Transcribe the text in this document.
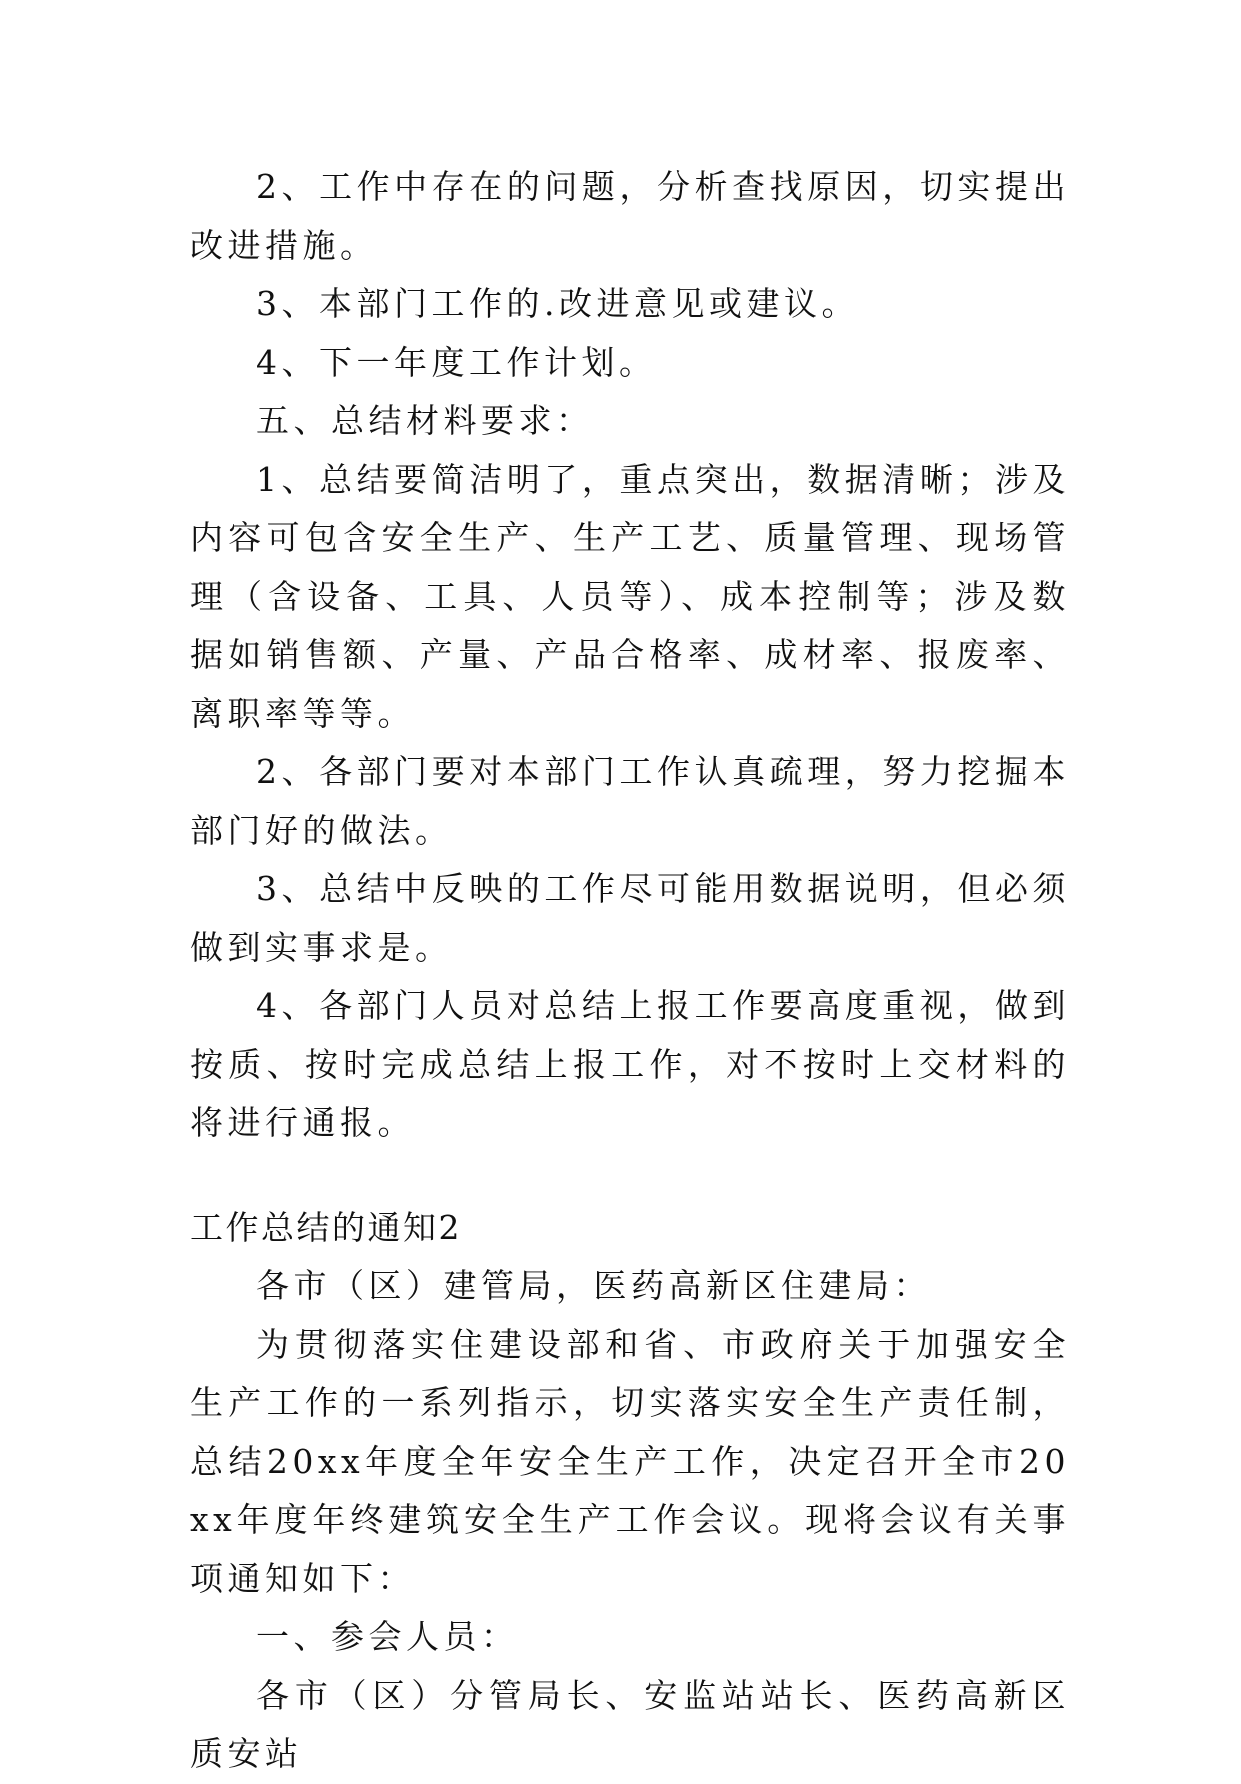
2、工作中存在的问题，分析查找原因，切实提出改进措施。

3、本部门工作的.改进意见或建议。

4、下一年度工作计划。

五、总结材料要求：

1、总结要简洁明了，重点突出，数据清晰；涉及内容可包含安全生产、生产工艺、质量管理、现场管理（含设备、工具、人员等）、成本控制等；涉及数据如销售额、产量、产品合格率、成材率、报废率、离职率等等。

2、各部门要对本部门工作认真疏理，努力挖掘本部门好的做法。

3、总结中反映的工作尽可能用数据说明，但必须做到实事求是。

4、各部门人员对总结上报工作要高度重视，做到按质、按时完成总结上报工作，对不按时上交材料的将进行通报。

工作总结的通知2

各市（区）建管局，医药高新区住建局：

为贯彻落实住建设部和省、市政府关于加强安全生产工作的一系列指示，切实落实安全生产责任制，总结20xx年度全年安全生产工作，决定召开全市20xx年度年终建筑安全生产工作会议。现将会议有关事项通知如下：

一、参会人员：

各市（区）分管局长、安监站站长、医药高新区质安站
